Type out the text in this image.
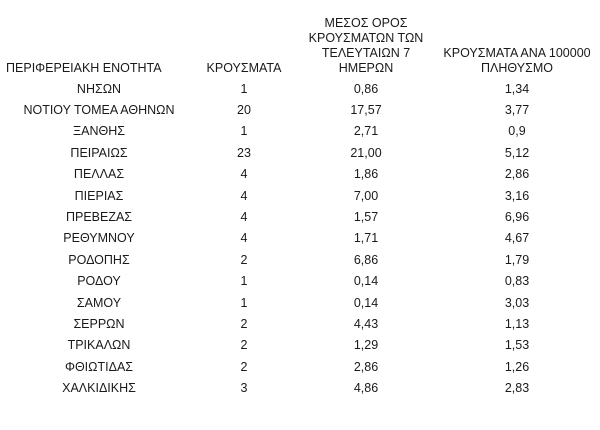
ΠΕΡΙΦΕΡΕΙΑΚΗ ΕΝΟΤΗΤΑ	ΚΡΟΥΣΜΑΤΑ	ΜΕΣΟΣ ΟΡΟΣ
ΚΡΟΥΣΜΑΤΩΝ ΤΩΝ
ΤΕΛΕΥΤΑΙΩΝ 7 ΗΜΕΡΩΝ	ΚΡΟΥΣΜΑΤΑ ΑΝΑ 100000
ΠΛΗΘΥΣΜΟ

ΝΗΣΩΝ	1	0,86	1,34
ΝΟΤΙΟΥ ΤΟΜΕΑ ΑΘΗΝΩΝ	20	17,57	3,77
ΞΑΝΘΗΣ	1	2,71	0,9
ΠΕΙΡΑΙΩΣ	23	21,00	5,12
ΠΕΛΛΑΣ	4	1,86	2,86
ΠΙΕΡΙΑΣ	4	7,00	3,16
ΠΡΕΒΕΖΑΣ	4	1,57	6,96
ΡΕΘΥΜΝΟΥ	4	1,71	4,67
ΡΟΔΟΠΗΣ	2	6,86	1,79
ΡΟΔΟΥ	1	0,14	0,83
ΣΑΜΟΥ	1	0,14	3,03
ΣΕΡΡΩΝ	2	4,43	1,13
ΤΡΙΚΑΛΩΝ	2	1,29	1,53
ΦΘΙΩΤΙΔΑΣ	2	2,86	1,26
ΧΑΛΚΙΔΙΚΗΣ	3	4,86	2,83
